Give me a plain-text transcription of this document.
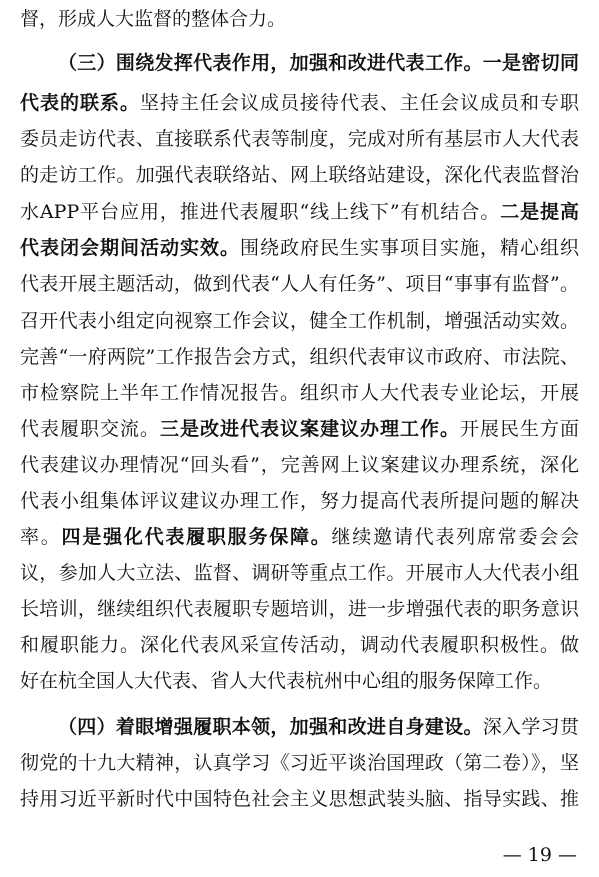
督，形成人大监督的整体合力。
（三）围绕发挥代表作用，加强和改进代表工作。一是密切同
代表的联系。坚持主任会议成员接待代表、主任会议成员和专职
委员走访代表、直接联系代表等制度，完成对所有基层市人大代表
的走访工作。加强代表联络站、网上联络站建设，深化代表监督治
水APP平台应用，推进代表履职“线上线下”有机结合。二是提高
代表闭会期间活动实效。围绕政府民生实事项目实施，精心组织
代表开展主题活动，做到代表“人人有任务”、项目“事事有监督”。
召开代表小组定向视察工作会议，健全工作机制，增强活动实效。
完善“一府两院”工作报告会方式，组织代表审议市政府、市法院、
市检察院上半年工作情况报告。组织市人大代表专业论坛，开展
代表履职交流。三是改进代表议案建议办理工作。开展民生方面
代表建议办理情况“回头看”，完善网上议案建议办理系统，深化
代表小组集体评议建议办理工作，努力提高代表所提问题的解决
率。四是强化代表履职服务保障。继续邀请代表列席常委会会
议，参加人大立法、监督、调研等重点工作。开展市人大代表小组
长培训，继续组织代表履职专题培训，进一步增强代表的职务意识
和履职能力。深化代表风采宣传活动，调动代表履职积极性。做
好在杭全国人大代表、省人大代表杭州中心组的服务保障工作。
（四）着眼增强履职本领，加强和改进自身建设。深入学习贯
彻党的十九大精神，认真学习《习近平谈治国理政（第二卷）》，坚
持用习近平新时代中国特色社会主义思想武装头脑、指导实践、推
— 19 —
